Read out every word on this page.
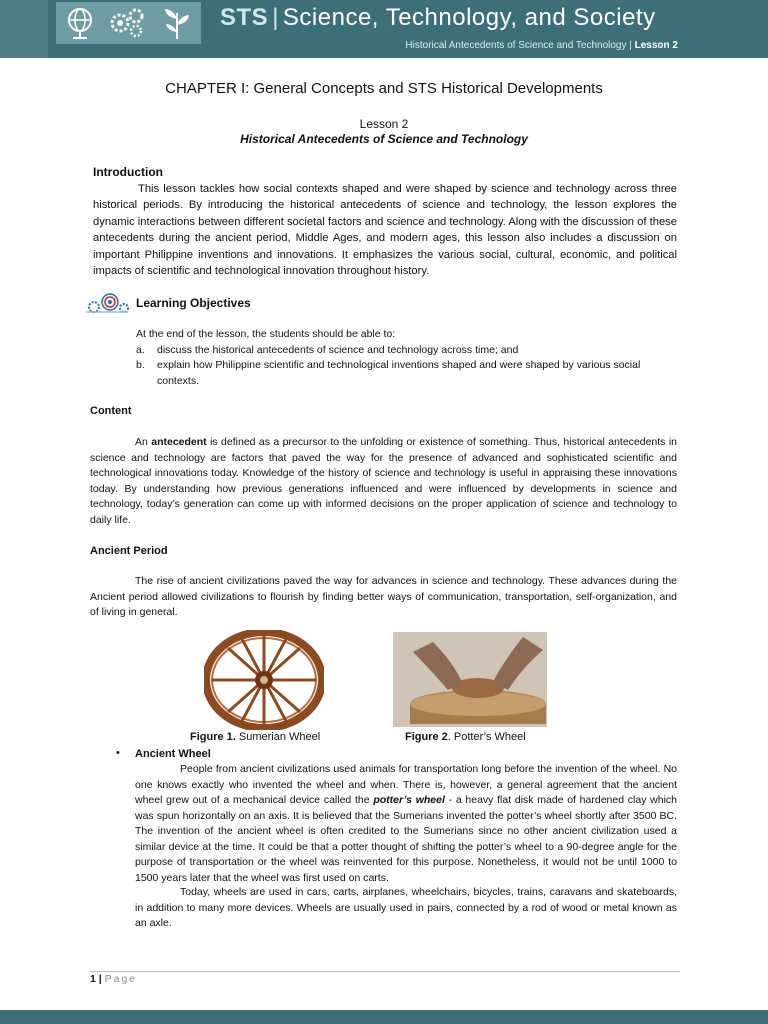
STS | Science, Technology, and Society
Historical Antecedents of Science and Technology | Lesson 2
CHAPTER I: General Concepts and STS Historical Developments
Lesson 2
Historical Antecedents of Science and Technology
Introduction
This lesson tackles how social contexts shaped and were shaped by science and technology across three historical periods. By introducing the historical antecedents of science and technology, the lesson explores the dynamic interactions between different societal factors and science and technology. Along with the discussion of these antecedents during the ancient period, Middle Ages, and modern ages, this lesson also includes a discussion on important Philippine inventions and innovations. It emphasizes the various social, cultural, economic, and political impacts of scientific and technological innovation throughout history.
Learning Objectives
At the end of the lesson, the students should be able to:
a. discuss the historical antecedents of science and technology across time; and
b. explain how Philippine scientific and technological inventions shaped and were shaped by various social contexts.
Content
An antecedent is defined as a precursor to the unfolding or existence of something. Thus, historical antecedents in science and technology are factors that paved the way for the presence of advanced and sophisticated scientific and technological innovations today. Knowledge of the history of science and technology is useful in appraising these innovations today. By understanding how previous generations influenced and were influenced by developments in science and technology, today’s generation can come up with informed decisions on the proper application of science and technology to daily life.
Ancient Period
The rise of ancient civilizations paved the way for advances in science and technology. These advances during the Ancient period allowed civilizations to flourish by finding better ways of communication, transportation, self-organization, and of living in general.
Figure 1. Sumerian Wheel	Figure 2. Potter’s Wheel
• Ancient Wheel
People from ancient civilizations used animals for transportation long before the invention of the wheel. No one knows exactly who invented the wheel and when. There is, however, a general agreement that the ancient wheel grew out of a mechanical device called the potter’s wheel - a heavy flat disk made of hardened clay which was spun horizontally on an axis. It is believed that the Sumerians invented the potter’s wheel shortly after 3500 BC. The invention of the ancient wheel is often credited to the Sumerians since no other ancient civilization used a similar device at the time. It could be that a potter thought of shifting the potter’s wheel to a 90-degree angle for the purpose of transportation or the wheel was reinvented for this purpose. Nonetheless, it would not be until 1000 to 1500 years later that the wheel was first used on carts.
Today, wheels are used in cars, carts, airplanes, wheelchairs, bicycles, trains, caravans and skateboards, in addition to many more devices. Wheels are usually used in pairs, connected by a rod of wood or metal known as an axle.
1 | Page
